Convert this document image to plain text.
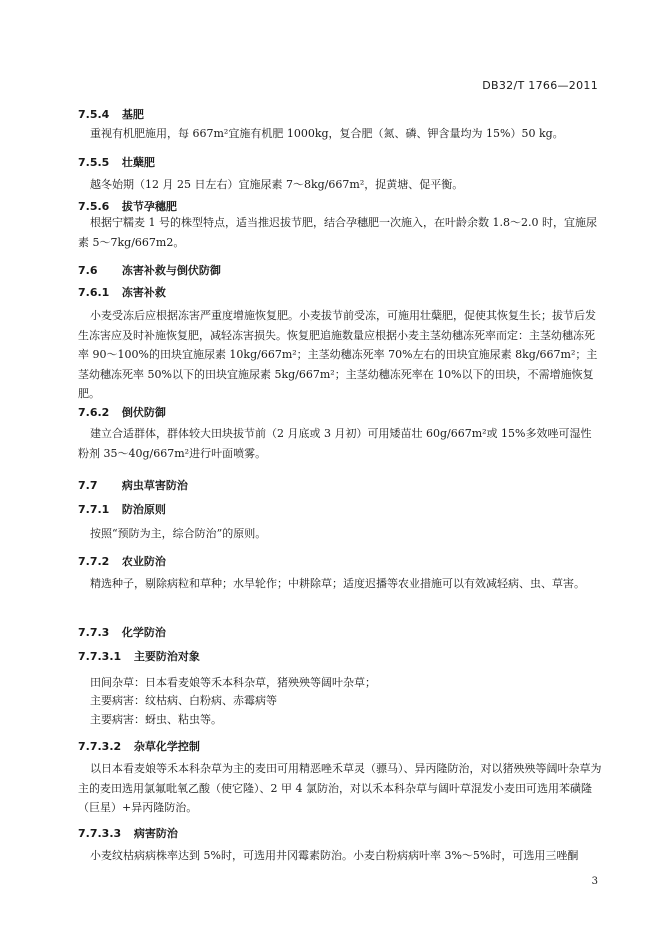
DB32/T 1766—2011
7.5.4 基肥
重视有机肥施用，每 667m²宜施有机肥 1000kg，复合肥（氮、磷、钾含量均为 15%）50 kg。
7.5.5 壮蘖肥
越冬始期（12 月 25 日左右）宜施尿素 7～8kg/667m²，捉黄塘、促平衡。
7.5.6 拔节孕穗肥
根据宁糯麦 1 号的株型特点，适当推迟拔节肥，结合孕穗肥一次施入，在叶龄余数 1.8～2.0 时，宜施尿素 5～7kg/667m2。
7.6 冻害补救与倒伏防御
7.6.1 冻害补救
小麦受冻后应根据冻害严重度增施恢复肥。小麦拔节前受冻，可施用壮蘖肥，促使其恢复生长；拔节后发生冻害应及时补施恢复肥，减轻冻害损失。恢复肥追施数量应根据小麦主茎幼穗冻死率而定：主茎幼穗冻死率 90～100%的田块宜施尿素 10kg/667m²；主茎幼穗冻死率 70%左右的田块宜施尿素 8kg/667m²；主茎幼穗冻死率 50%以下的田块宜施尿素 5kg/667m²；主茎幼穗冻死率在 10%以下的田块，不需增施恢复肥。
7.6.2 倒伏防御
建立合适群体，群体较大田块拔节前（2 月底或 3 月初）可用矮苗壮 60g/667m²或 15%多效唑可湿性粉剂 35～40g/667m²进行叶面喷雾。
7.7 病虫草害防治
7.7.1 防治原则
按照“预防为主，综合防治”的原则。
7.7.2 农业防治
精选种子，剔除病粒和草种；水旱轮作；中耕除草；适度迟播等农业措施可以有效减轻病、虫、草害。
7.7.3 化学防治
7.7.3.1 主要防治对象
田间杂草：日本看麦娘等禾本科杂草，猪殃殃等阔叶杂草；
主要病害：纹枯病、白粉病、赤霉病等
主要病害：蚜虫、粘虫等。
7.7.3.2 杂草化学控制
以日本看麦娘等禾本科杂草为主的麦田可用精恶唑禾草灵（骠马）、异丙隆防治，对以猪殃殃等阔叶杂草为主的麦田选用氯氟吡氧乙酸（使它隆）、2 甲 4 氯防治，对以禾本科杂草与阔叶草混发小麦田可选用苯磺隆（巨星）+异丙隆防治。
7.7.3.3 病害防治
小麦纹枯病病株率达到 5%时，可选用井冈霉素防治。小麦白粉病病叶率 3%～5%时，可选用三唑酮
3
